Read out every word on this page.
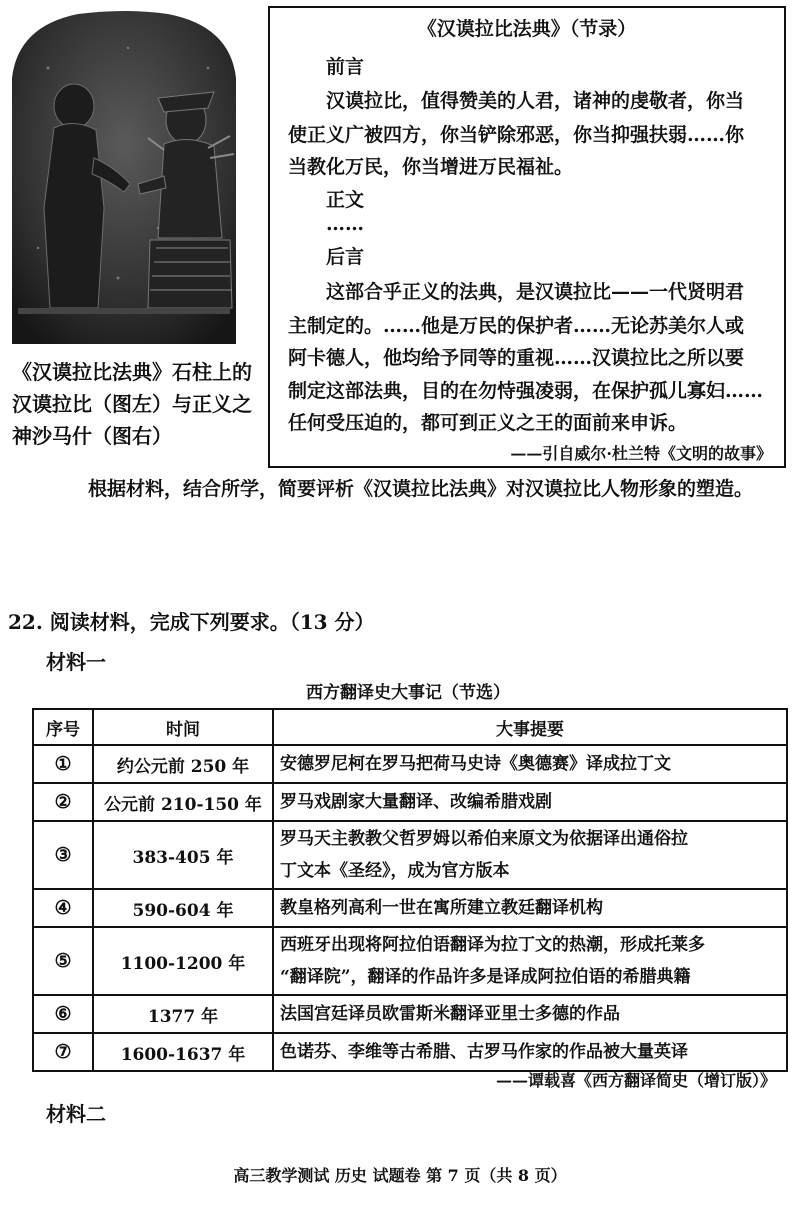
《汉谟拉比法典》石柱上的
汉谟拉比（图左）与正义之
神沙马什（图右）
《汉谟拉比法典》（节录）
前言
汉谟拉比，值得赞美的人君，诸神的虔敬者，你当
使正义广被四方，你当铲除邪恶，你当抑强扶弱……你
当教化万民，你当增进万民福祉。
正文
……
后言
这部合乎正义的法典，是汉谟拉比——一代贤明君
主制定的。……他是万民的保护者……无论苏美尔人或
阿卡德人，他均给予同等的重视……汉谟拉比之所以要
制定这部法典，目的在勿恃强凌弱，在保护孤儿寡妇……
任何受压迫的，都可到正义之王的面前来申诉。
——引自威尔·杜兰特《文明的故事》
根据材料，结合所学，简要评析《汉谟拉比法典》对汉谟拉比人物形象的塑造。
22. 阅读材料，完成下列要求。（13 分）
材料一
西方翻译史大事记（节选）
序号	时间	大事提要
①	约公元前 250 年	安德罗尼柯在罗马把荷马史诗《奥德赛》译成拉丁文

②	公元前 210-150 年	罗马戏剧家大量翻译、改编希腊戏剧

③	383-405 年	罗马天主教教父哲罗姆以希伯来原文为依据译出通俗拉
丁文本《圣经》，成为官方版本

④	590-604 年	教皇格列高利一世在寓所建立教廷翻译机构

⑤	1100-1200 年	西班牙出现将阿拉伯语翻译为拉丁文的热潮，形成托莱多
“翻译院”，翻译的作品许多是译成阿拉伯语的希腊典籍

⑥	1377 年	法国宫廷译员欧雷斯米翻译亚里士多德的作品

⑦	1600-1637 年	色诺芬、李维等古希腊、古罗马作家的作品被大量英译
——谭载喜《西方翻译简史（增订版）》
材料二
高三教学测试 历史 试题卷 第 7 页（共 8 页）
